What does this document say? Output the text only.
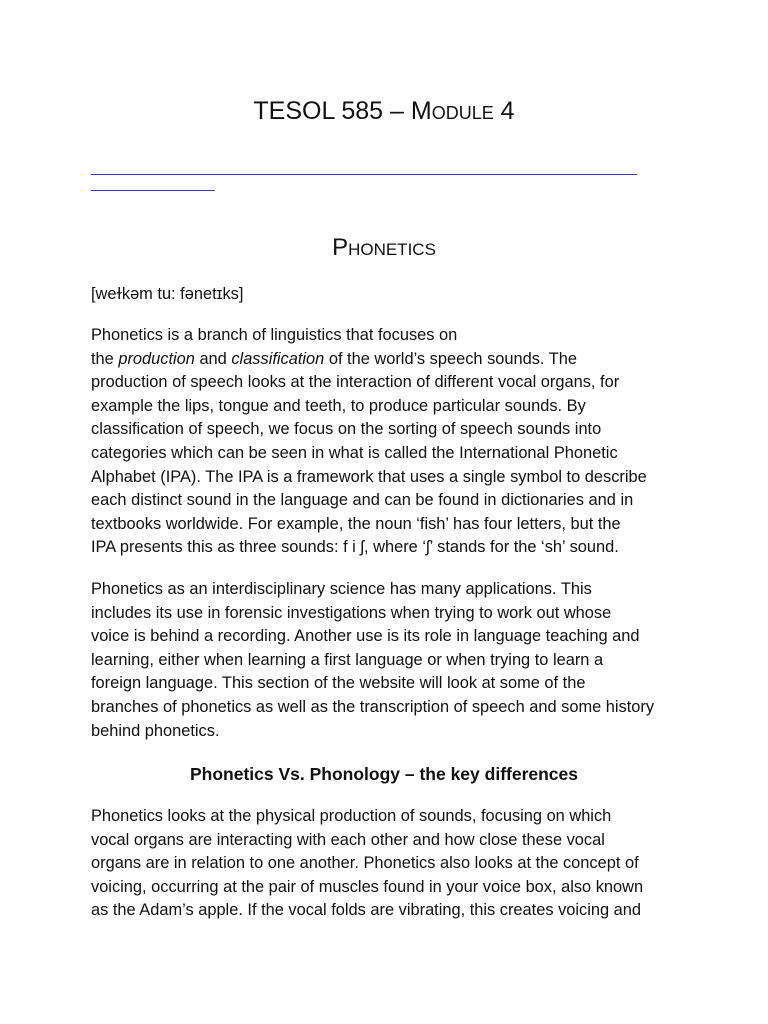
TESOL 585 – Module 4
Phonetics

[weɫkəm tu: fənetɪks]

Phonetics is a branch of linguistics that focuses on
the production and classification of the world’s speech sounds. The
production of speech looks at the interaction of different vocal organs, for
example the lips, tongue and teeth, to produce particular sounds. By
classification of speech, we focus on the sorting of speech sounds into
categories which can be seen in what is called the International Phonetic
Alphabet (IPA). The IPA is a framework that uses a single symbol to describe
each distinct sound in the language and can be found in dictionaries and in
textbooks worldwide. For example, the noun ‘fish’ has four letters, but the
IPA presents this as three sounds: f i ʃ, where ‘ʃ’ stands for the ‘sh’ sound.

Phonetics as an interdisciplinary science has many applications. This
includes its use in forensic investigations when trying to work out whose
voice is behind a recording. Another use is its role in language teaching and
learning, either when learning a first language or when trying to learn a
foreign language. This section of the website will look at some of the
branches of phonetics as well as the transcription of speech and some history
behind phonetics.

Phonetics Vs. Phonology – the key differences

Phonetics looks at the physical production of sounds, focusing on which
vocal organs are interacting with each other and how close these vocal
organs are in relation to one another. Phonetics also looks at the concept of
voicing, occurring at the pair of muscles found in your voice box, also known
as the Adam’s apple. If the vocal folds are vibrating, this creates voicing and
